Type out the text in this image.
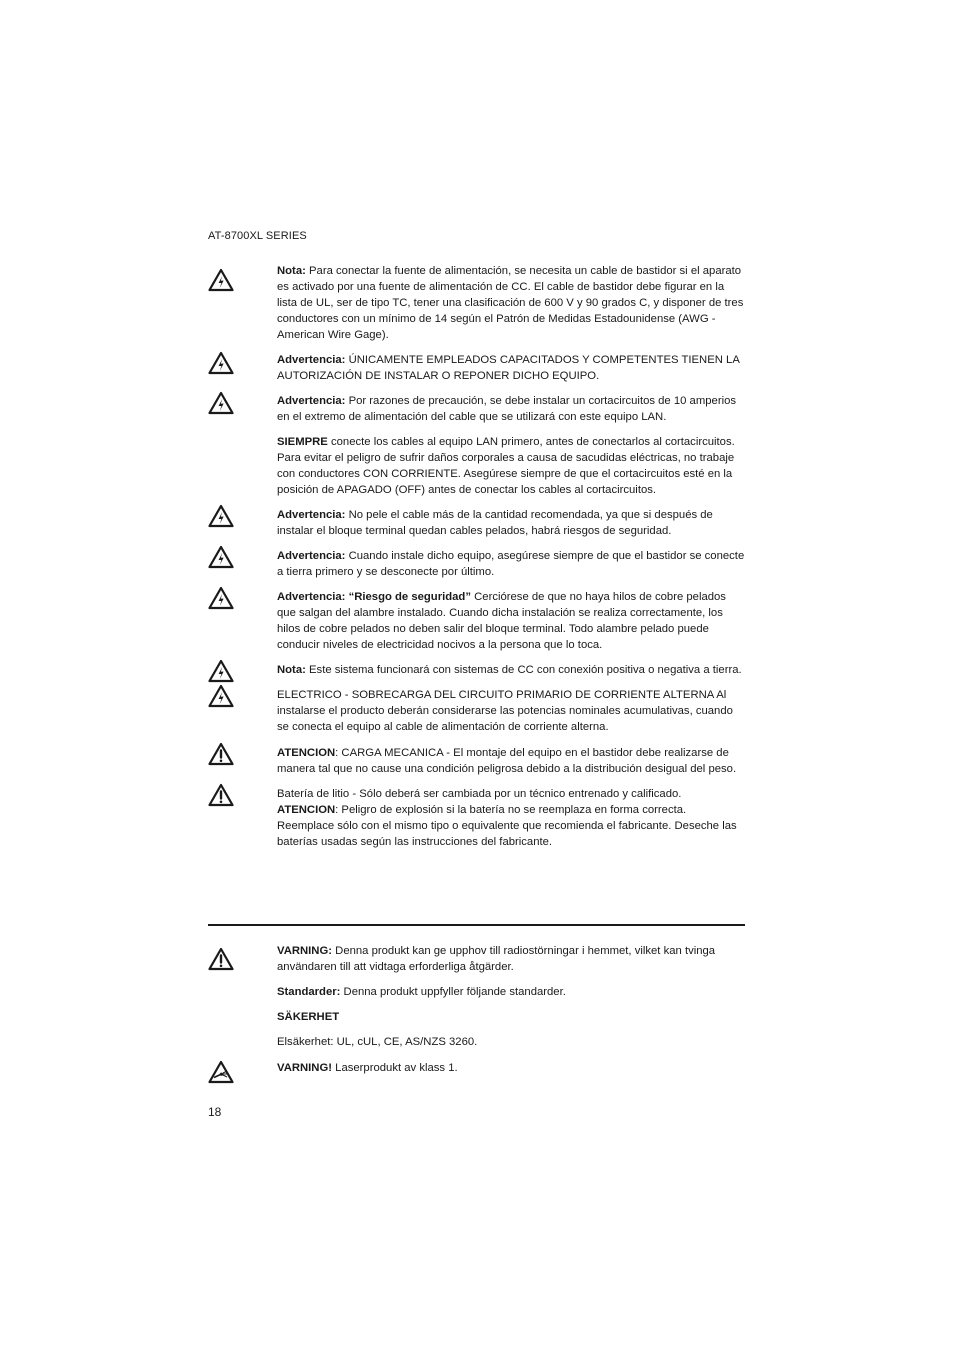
AT-8700XL SERIES

Nota: Para conectar la fuente de alimentación, se necesita un cable de bastidor si el aparato es activado por una fuente de alimentación de CC. El cable de bastidor debe figurar en la lista de UL, ser de tipo TC, tener una clasificación de 600 V y 90 grados C, y disponer de tres conductores con un mínimo de 14 según el Patrón de Medidas Estadounidense (AWG - American Wire Gage).

Advertencia: ÚNICAMENTE EMPLEADOS CAPACITADOS Y COMPETENTES TIENEN LA AUTORIZACIÓN DE INSTALAR O REPONER DICHO EQUIPO.

Advertencia: Por razones de precaución, se debe instalar un cortacircuitos de 10 amperios en el extremo de alimentación del cable que se utilizará con este equipo LAN.

SIEMPRE conecte los cables al equipo LAN primero, antes de conectarlos al cortacircuitos. Para evitar el peligro de sufrir daños corporales a causa de sacudidas eléctricas, no trabaje con conductores CON CORRIENTE. Asegúrese siempre de que el cortacircuitos esté en la posición de APAGADO (OFF) antes de conectar los cables al cortacircuitos.

Advertencia: No pele el cable más de la cantidad recomendada, ya que si después de instalar el bloque terminal quedan cables pelados, habrá riesgos de seguridad.

Advertencia: Cuando instale dicho equipo, asegúrese siempre de que el bastidor se conecte a tierra primero y se desconecte por último.

Advertencia: “Riesgo de seguridad” Cerciórese de que no haya hilos de cobre pelados que salgan del alambre instalado. Cuando dicha instalación se realiza correctamente, los hilos de cobre pelados no deben salir del bloque terminal. Todo alambre pelado puede conducir niveles de electricidad nocivos a la persona que lo toca.

Nota: Este sistema funcionará con sistemas de CC con conexión positiva o negativa a tierra.

ELECTRICO - SOBRECARGA DEL CIRCUITO PRIMARIO DE CORRIENTE ALTERNA Al instalarse el producto deberán considerarse las potencias nominales acumulativas, cuando se conecta el equipo al cable de alimentación de corriente alterna.

ATENCION: CARGA MECANICA - El montaje del equipo en el bastidor debe realizarse de manera tal que no cause una condición peligrosa debido a la distribución desigual del peso.

Batería de litio - Sólo deberá ser cambiada por un técnico entrenado y calificado.
ATENCION: Peligro de explosión si la batería no se reemplaza en forma correcta. Reemplace sólo con el mismo tipo o equivalente que recomienda el fabricante. Deseche las baterías usadas según las instrucciones del fabricante.

VARNING: Denna produkt kan ge upphov till radiostörningar i hemmet, vilket kan tvinga användaren till att vidtaga erforderliga åtgärder.

Standarder: Denna produkt uppfyller följande standarder.

SÄKERHET

Elsäkerhet: UL, cUL, CE, AS/NZS 3260.

VARNING! Laserprodukt av klass 1.

18
